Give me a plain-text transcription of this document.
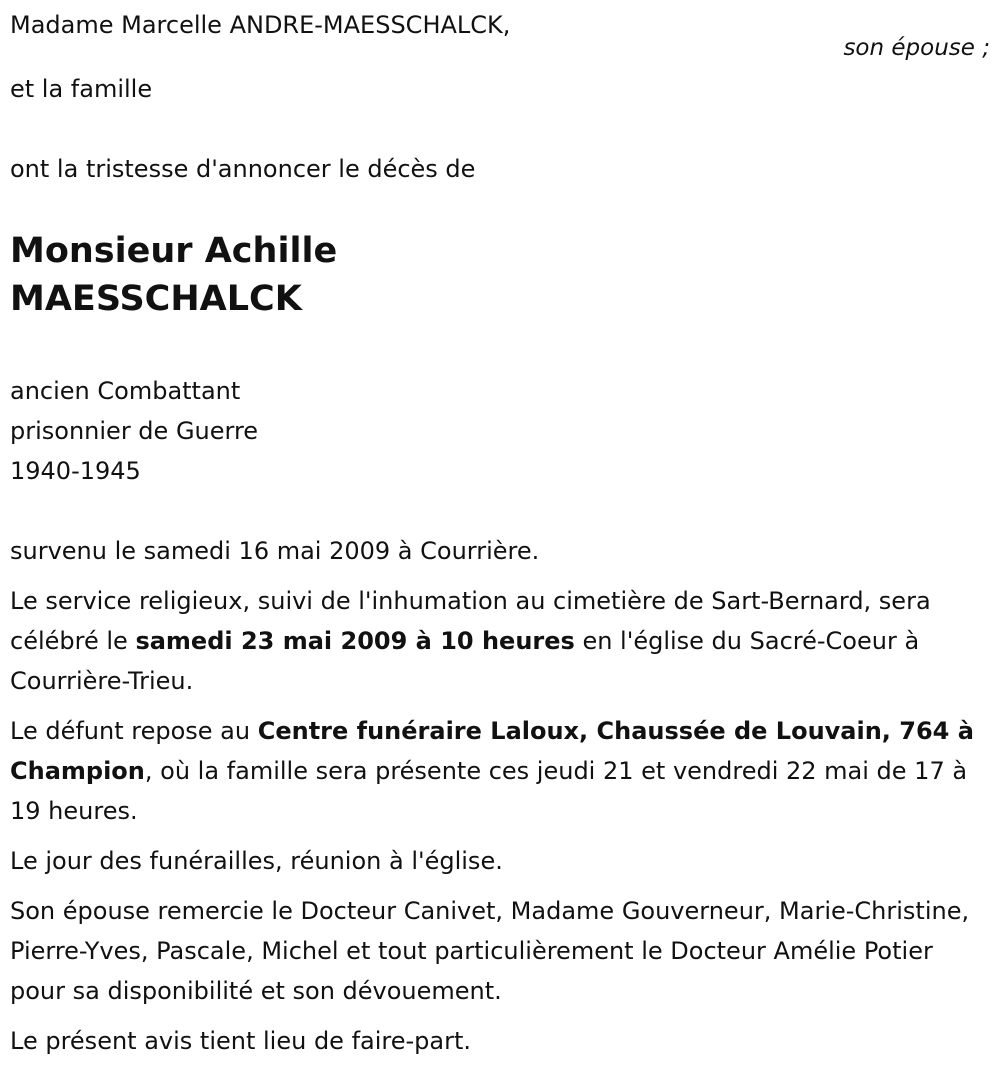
Madame Marcelle ANDRE-MAESSCHALCK,
son épouse ;

et la famille

ont la tristesse d'annoncer le décès de

Monsieur Achille
MAESSCHALCK
ancien Combattant
prisonnier de Guerre
1940-1945

survenu le samedi 16 mai 2009 à Courrière.

Le service religieux, suivi de l'inhumation au cimetière de Sart-Bernard, sera célébré le samedi 23 mai 2009 à 10 heures en l'église du Sacré-Coeur à Courrière-Trieu.

Le défunt repose au Centre funéraire Laloux, Chaussée de Louvain, 764 à Champion, où la famille sera présente ces jeudi 21 et vendredi 22 mai de 17 à 19 heures.

Le jour des funérailles, réunion à l'église.

Son épouse remercie le Docteur Canivet, Madame Gouverneur, Marie-Christine, Pierre-Yves, Pascale, Michel et tout particulièrement le Docteur Amélie Potier pour sa disponibilité et son dévouement.

Le présent avis tient lieu de faire-part.
